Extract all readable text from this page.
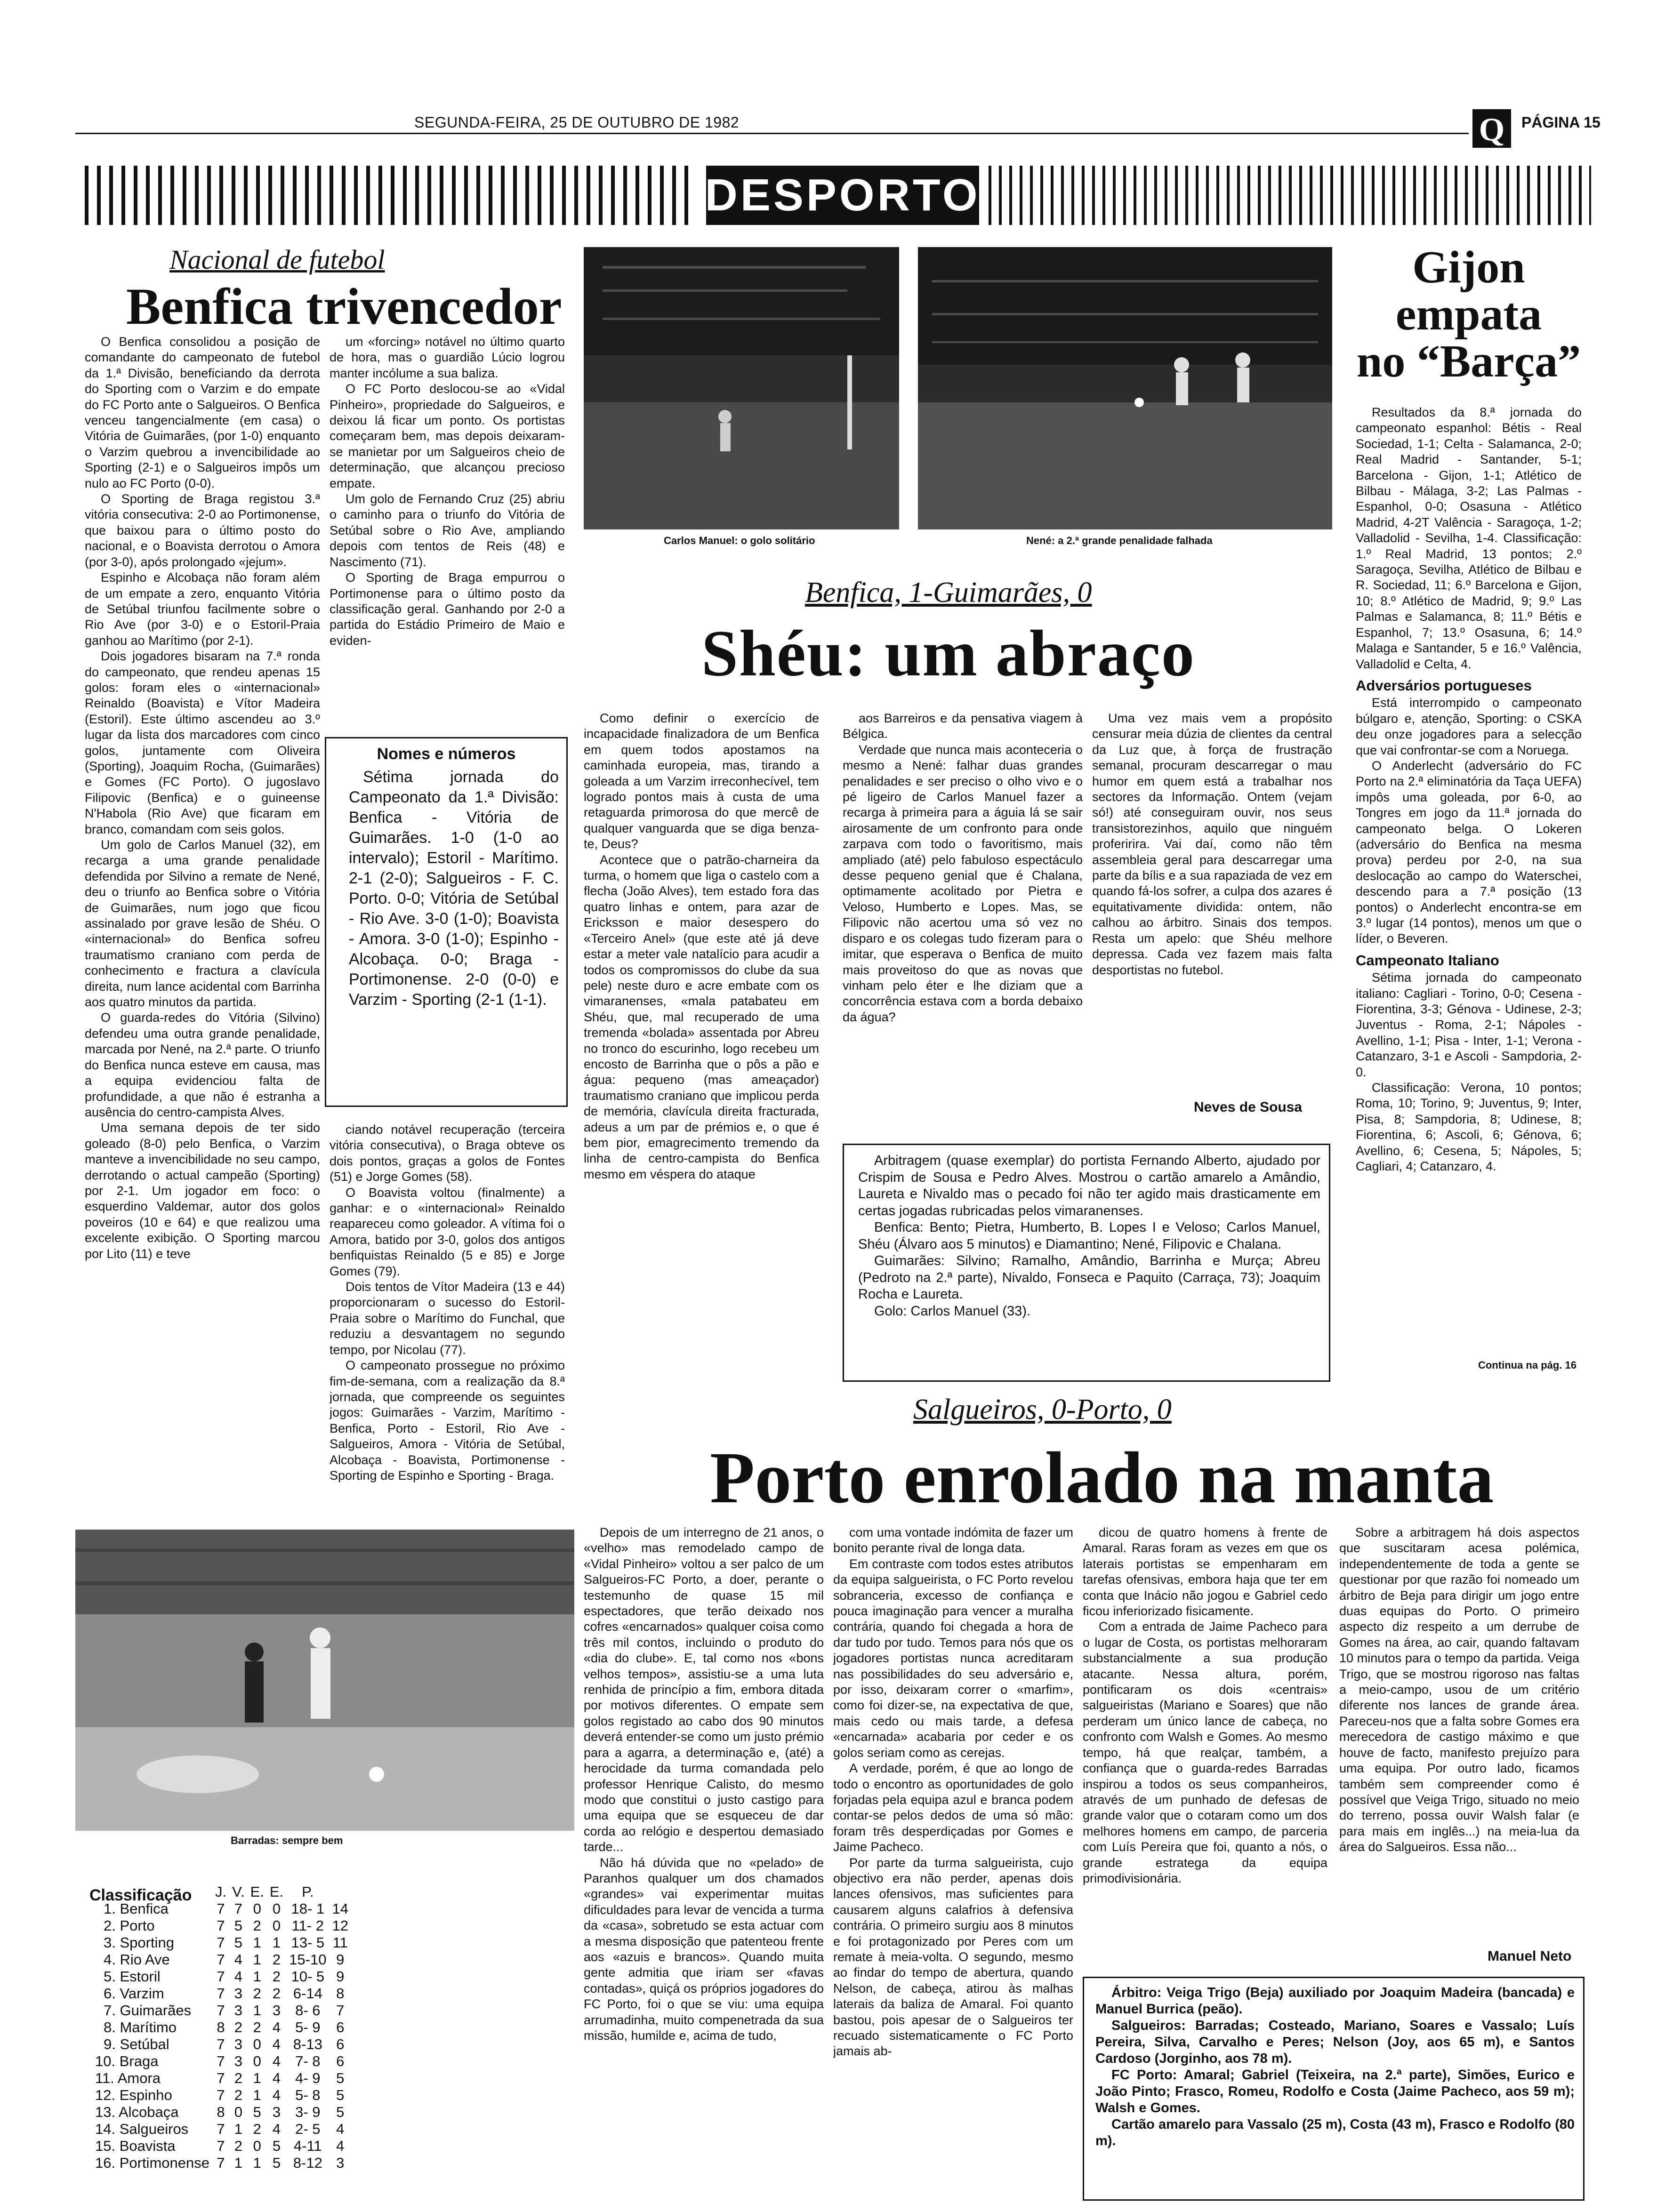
SEGUNDA-FEIRA, 25 DE OUTUBRO DE 1982	Q PÁGINA 15
DESPORTO
Nacional de futebol
Benfica trivencedor

O Benfica consolidou a posição de comandante do campeonato de futebol da 1.ª Divisão, beneficiando da derrota do Sporting com o Varzim e do empate do FC Porto ante o Salgueiros. O Benfica venceu tangencialmente (em casa) o Vitória de Guimarães, (por 1-0) enquanto o Varzim quebrou a invencibilidade ao Sporting (2-1) e o Salgueiros impôs um nulo ao FC Porto (0-0).

O Sporting de Braga registou 3.ª vitória consecutiva: 2-0 ao Portimonense, que baixou para o último posto do nacional, e o Boavista derrotou o Amora (por 3-0), após prolongado «jejum».

Espinho e Alcobaça não foram além de um empate a zero, enquanto Vitória de Setúbal triunfou facilmente sobre o Rio Ave (por 3-0) e o Estoril-Praia ganhou ao Marítimo (por 2-1).

Dois jogadores bisaram na 7.ª ronda do campeonato, que rendeu apenas 15 golos: foram eles o «internacional» Reinaldo (Boavista) e Vítor Madeira (Estoril). Este último ascendeu ao 3.º lugar da lista dos marcadores com cinco golos, juntamente com Oliveira (Sporting), Joaquim Rocha, (Guimarães) e Gomes (FC Porto). O jugoslavo Filipovic (Benfica) e o guineense N'Habola (Rio Ave) que ficaram em branco, comandam com seis golos.

Um golo de Carlos Manuel (32), em recarga a uma grande penalidade defendida por Silvino a remate de Nené, deu o triunfo ao Benfica sobre o Vitória de Guimarães, num jogo que ficou assinalado por grave lesão de Shéu. O «internacional» do Benfica sofreu traumatismo craniano com perda de conhecimento e fractura a clavícula direita, num lance acidental com Barrinha aos quatro minutos da partida.

O guarda-redes do Vitória (Silvino) defendeu uma outra grande penalidade, marcada por Nené, na 2.ª parte. O triunfo do Benfica nunca esteve em causa, mas a equipa evidenciou falta de profundidade, a que não é estranha a ausência do centro-campista Alves.

Uma semana depois de ter sido goleado (8-0) pelo Benfica, o Varzim manteve a invencibilidade no seu campo, derrotando o actual campeão (Sporting) por 2-1. Um jogador em foco: o esquerdino Valdemar, autor dos golos poveiros (10 e 64) e que realizou uma excelente exibição. O Sporting marcou por Lito (11) e teve

um «forcing» notável no último quarto de hora, mas o guardião Lúcio logrou manter incólume a sua baliza.

O FC Porto deslocou-se ao «Vidal Pinheiro», propriedade do Salgueiros, e deixou lá ficar um ponto. Os portistas começaram bem, mas depois deixaram-se manietar por um Salgueiros cheio de determinação, que alcançou precioso empate.

Um golo de Fernando Cruz (25) abriu o caminho para o triunfo do Vitória de Setúbal sobre o Rio Ave, ampliando depois com tentos de Reis (48) e Nascimento (71).

O Sporting de Braga empurrou o Portimonense para o último posto da classificação geral. Ganhando por 2-0 a partida do Estádio Primeiro de Maio e eviden-

Nomes e números
Sétima jornada do Campeonato da 1.ª Divisão: Benfica - Vitória de Guimarães. 1-0 (1-0 ao intervalo); Estoril - Marítimo. 2-1 (2-0); Salgueiros - F. C. Porto. 0-0; Vitória de Setúbal - Rio Ave. 3-0 (1-0); Boavista - Amora. 3-0 (1-0); Espinho - Alcobaça. 0-0; Braga - Portimonense. 2-0 (0-0) e Varzim - Sporting (2-1 (1-1).

ciando notável recuperação (terceira vitória consecutiva), o Braga obteve os dois pontos, graças a golos de Fontes (51) e Jorge Gomes (58).

O Boavista voltou (finalmente) a ganhar: e o «internacional» Reinaldo reapareceu como goleador. A vítima foi o Amora, batido por 3-0, golos dos antigos benfiquistas Reinaldo (5 e 85) e Jorge Gomes (79).

Dois tentos de Vítor Madeira (13 e 44) proporcionaram o sucesso do Estoril-Praia sobre o Marítimo do Funchal, que reduziu a desvantagem no segundo tempo, por Nicolau (77).

O campeonato prossegue no próximo fim-de-semana, com a realização da 8.ª jornada, que compreende os seguintes jogos: Guimarães - Varzim, Marítimo - Benfica, Porto - Estoril, Rio Ave - Salgueiros, Amora - Vitória de Setúbal, Alcobaça - Boavista, Portimonense - Sporting de Espinho e Sporting - Braga.

Carlos Manuel: o golo solitário	Nené: a 2.ª grande penalidade falhada
Benfica, 1-Guimarães, 0
Shéu: um abraço

Como definir o exercício de incapacidade finalizadora de um Benfica em quem todos apostamos na caminhada europeia, mas, tirando a goleada a um Varzim irreconhecível, tem logrado pontos mais à custa de uma retaguarda primorosa do que mercê de qualquer vanguarda que se diga benza-te, Deus?

Acontece que o patrão-charneira da turma, o homem que liga o castelo com a flecha (João Alves), tem estado fora das quatro linhas e ontem, para azar de Ericksson e maior desespero do «Terceiro Anel» (que este até já deve estar a meter vale natalício para acudir a todos os compromissos do clube da sua pele) neste duro e acre embate com os vimaranenses, «mala patabateu em Shéu, que, mal recuperado de uma tremenda «bolada» assentada por Abreu no tronco do escurinho, logo recebeu um encosto de Barrinha que o pôs a pão e água: pequeno (mas ameaçador) traumatismo craniano que implicou perda de memória, clavícula direita fracturada, adeus a um par de prémios e, o que é bem pior, emagrecimento tremendo da linha de centro-campista do Benfica mesmo em véspera do ataque

aos Barreiros e da pensativa viagem à Bélgica.

Verdade que nunca mais aconteceria o mesmo a Nené: falhar duas grandes penalidades e ser preciso o olho vivo e o pé ligeiro de Carlos Manuel fazer a recarga à primeira para a águia lá se sair airosamente de um confronto para onde zarpava com todo o favoritismo, mais ampliado (até) pelo fabuloso espectáculo desse pequeno genial que é Chalana, optimamente acolitado por Pietra e Veloso, Humberto e Lopes. Mas, se Filipovic não acertou uma só vez no disparo e os colegas tudo fizeram para o imitar, que esperava o Benfica de muito mais proveitoso do que as novas que vinham pelo éter e lhe diziam que a concorrência estava com a borda debaixo da água?

Uma vez mais vem a propósito censurar meia dúzia de clientes da central da Luz que, à força de frustração semanal, procuram descarregar o mau humor em quem está a trabalhar nos sectores da Informação. Ontem (vejam só!) até conseguiram ouvir, nos seus transistorezinhos, aquilo que ninguém proferirira. Vai daí, como não têm assembleia geral para descarregar uma parte da bílis e a sua rapaziada de vez em quando fá-los sofrer, a culpa dos azares é equitativamente dividida: ontem, não calhou ao árbitro. Sinais dos tempos. Resta um apelo: que Shéu melhore depressa. Cada vez fazem mais falta desportistas no futebol.

Neves de Sousa

Arbitragem (quase exemplar) do portista Fernando Alberto, ajudado por Crispim de Sousa e Pedro Alves. Mostrou o cartão amarelo a Amândio, Laureta e Nivaldo mas o pecado foi não ter agido mais drasticamente em certas jogadas rubricadas pelos vimaranenses.

Benfica: Bento; Pietra, Humberto, B. Lopes I e Veloso; Carlos Manuel, Shéu (Álvaro aos 5 minutos) e Diamantino; Nené, Filipovic e Chalana.

Guimarães: Silvino; Ramalho, Amândio, Barrinha e Murça; Abreu (Pedroto na 2.ª parte), Nivaldo, Fonseca e Paquito (Carraça, 73); Joaquim Rocha e Laureta.

Golo: Carlos Manuel (33).

Gijon
empata
no “Barça”

Resultados da 8.ª jornada do campeonato espanhol: Bétis - Real Sociedad, 1-1; Celta - Salamanca, 2-0; Real Madrid - Santander, 5-1; Barcelona - Gijon, 1-1; Atlético de Bilbau - Málaga, 3-2; Las Palmas - Espanhol, 0-0; Osasuna - Atlético Madrid, 4-2T Valência - Saragoça, 1-2; Valladolid - Sevilha, 1-4. Classificação: 1.º Real Madrid, 13 pontos; 2.º Saragoça, Sevilha, Atlético de Bilbau e R. Sociedad, 11; 6.º Barcelona e Gijon, 10; 8.º Atlético de Madrid, 9; 9.º Las Palmas e Salamanca, 8; 11.º Bétis e Espanhol, 7; 13.º Osasuna, 6; 14.º Malaga e Santander, 5 e 16.º Valência, Valladolid e Celta, 4.

Adversários portugueses

Está interrompido o campeonato búlgaro e, atenção, Sporting: o CSKA deu onze jogadores para a selecção que vai confrontar-se com a Noruega.

O Anderlecht (adversário do FC Porto na 2.ª eliminatória da Taça UEFA) impôs uma goleada, por 6-0, ao Tongres em jogo da 11.ª jornada do campeonato belga. O Lokeren (adversário do Benfica na mesma prova) perdeu por 2-0, na sua deslocação ao campo do Waterschei, descendo para a 7.ª posição (13 pontos) o Anderlecht encontra-se em 3.º lugar (14 pontos), menos um que o líder, o Beveren.

Campeonato Italiano

Sétima jornada do campeonato italiano: Cagliari - Torino, 0-0; Cesena - Fiorentina, 3-3; Génova - Udinese, 2-3; Juventus - Roma, 2-1; Nápoles - Avellino, 1-1; Pisa - Inter, 1-1; Verona - Catanzaro, 3-1 e Ascoli - Sampdoria, 2-0.

Classificação: Verona, 10 pontos; Roma, 10; Torino, 9; Juventus, 9; Inter, Pisa, 8; Sampdoria, 8; Udinese, 8; Fiorentina, 6; Ascoli, 6; Génova, 6; Avellino, 6; Cesena, 5; Nápoles, 5; Cagliari, 4; Catanzaro, 4.

Continua na pág. 16
Salgueiros, 0-Porto, 0
Porto enrolado na manta

Depois de um interregno de 21 anos, o «velho» mas remodelado campo de «Vidal Pinheiro» voltou a ser palco de um Salgueiros-FC Porto, a doer, perante o testemunho de quase 15 mil espectadores, que terão deixado nos cofres «encarnados» qualquer coisa como três mil contos, incluindo o produto do «dia do clube». E, tal como nos «bons velhos tempos», assistiu-se a uma luta renhida de princípio a fim, embora ditada por motivos diferentes. O empate sem golos registado ao cabo dos 90 minutos deverá entender-se como um justo prémio para a agarra, a determinação e, (até) a herocidade da turma comandada pelo professor Henrique Calisto, do mesmo modo que constitui o justo castigo para uma equipa que se esqueceu de dar corda ao relógio e despertou demasiado tarde...

Não há dúvida que no «pelado» de Paranhos qualquer um dos chamados «grandes» vai experimentar muitas dificuldades para levar de vencida a turma da «casa», sobretudo se esta actuar com a mesma disposição que patenteou frente aos «azuis e brancos». Quando muita gente admitia que iriam ser «favas contadas», quiçá os próprios jogadores do FC Porto, foi o que se viu: uma equipa arrumadinha, muito compenetrada da sua missão, humilde e, acima de tudo,

com uma vontade indómita de fazer um bonito perante rival de longa data.

Em contraste com todos estes atributos da equipa salgueirista, o FC Porto revelou sobranceria, excesso de confiança e pouca imaginação para vencer a muralha contrária, quando foi chegada a hora de dar tudo por tudo. Temos para nós que os jogadores portistas nunca acreditaram nas possibilidades do seu adversário e, por isso, deixaram correr o «marfim», como foi dizer-se, na expectativa de que, mais cedo ou mais tarde, a defesa «encarnada» acabaria por ceder e os golos seriam como as cerejas.

A verdade, porém, é que ao longo de todo o encontro as oportunidades de golo forjadas pela equipa azul e branca podem contar-se pelos dedos de uma só mão: foram três desperdiçadas por Gomes e Jaime Pacheco.

Por parte da turma salgueirista, cujo objectivo era não perder, apenas dois lances ofensivos, mas suficientes para causarem alguns calafrios à defensiva contrária. O primeiro surgiu aos 8 minutos e foi protagonizado por Peres com um remate à meia-volta. O segundo, mesmo ao findar do tempo de abertura, quando Nelson, de cabeça, atirou às malhas laterais da baliza de Amaral. Foi quanto bastou, pois apesar de o Salgueiros ter recuado sistematicamente o FC Porto jamais ab-

dicou de quatro homens à frente de Amaral. Raras foram as vezes em que os laterais portistas se empenharam em tarefas ofensivas, embora haja que ter em conta que Inácio não jogou e Gabriel cedo ficou inferiorizado fisicamente.

Com a entrada de Jaime Pacheco para o lugar de Costa, os portistas melhoraram substancialmente a sua produção atacante. Nessa altura, porém, pontificaram os dois «centrais» salgueiristas (Mariano e Soares) que não perderam um único lance de cabeça, no confronto com Walsh e Gomes. Ao mesmo tempo, há que realçar, também, a confiança que o guarda-redes Barradas inspirou a todos os seus companheiros, através de um punhado de defesas de grande valor que o cotaram como um dos melhores homens em campo, de parceria com Luís Pereira que foi, quanto a nós, o grande estratega da equipa primodivisionária.

Sobre a arbitragem há dois aspectos que suscitaram acesa polémica, independentemente de toda a gente se questionar por que razão foi nomeado um árbitro de Beja para dirigir um jogo entre duas equipas do Porto. O primeiro aspecto diz respeito a um derrube de Gomes na área, ao cair, quando faltavam 10 minutos para o tempo da partida. Veiga Trigo, que se mostrou rigoroso nas faltas a meio-campo, usou de um critério diferente nos lances de grande área. Pareceu-nos que a falta sobre Gomes era merecedora de castigo máximo e que houve de facto, manifesto prejuízo para uma equipa. Por outro lado, ficamos também sem compreender como é possível que Veiga Trigo, situado no meio do terreno, possa ouvir Walsh falar (e para mais em inglês...) na meia-lua da área do Salgueiros. Essa não...

Manuel Neto

Árbitro: Veiga Trigo (Beja) auxiliado por Joaquim Madeira (bancada) e Manuel Burrica (peão).

Salgueiros: Barradas; Costeado, Mariano, Soares e Vassalo; Luís Pereira, Silva, Carvalho e Peres; Nelson (Joy, aos 65 m), e Santos Cardoso (Jorginho, aos 78 m).

FC Porto: Amaral; Gabriel (Teixeira, na 2.ª parte), Simões, Eurico e João Pinto; Frasco, Romeu, Rodolfo e Costa (Jaime Pacheco, aos 59 m); Walsh e Gomes.

Cartão amarelo para Vassalo (25 m), Costa (43 m), Frasco e Rodolfo (80 m).

Barradas: sempre bem
Classificação
	J.	V.	E.	E.	P.	
1. Benfica	7	7	0	0	18- 1	14
2. Porto	7	5	2	0	11- 2	12
3. Sporting	7	5	1	1	13- 5	11
4. Rio Ave	7	4	1	2	15-10	9
5. Estoril	7	4	1	2	10- 5	9
6. Varzim	7	3	2	2	6-14	8
7. Guimarães	7	3	1	3	8- 6	7
8. Marítimo	8	2	2	4	5- 9	6
9. Setúbal	7	3	0	4	8-13	6
10. Braga	7	3	0	4	7- 8	6
11. Amora	7	2	1	4	4- 9	5
12. Espinho	7	2	1	4	5- 8	5
13. Alcobaça	8	0	5	3	3- 9	5
14. Salgueiros	7	1	2	4	2- 5	4
15. Boavista	7	2	0	5	4-11	4
16. Portimonense	7	1	1	5	8-12	3
